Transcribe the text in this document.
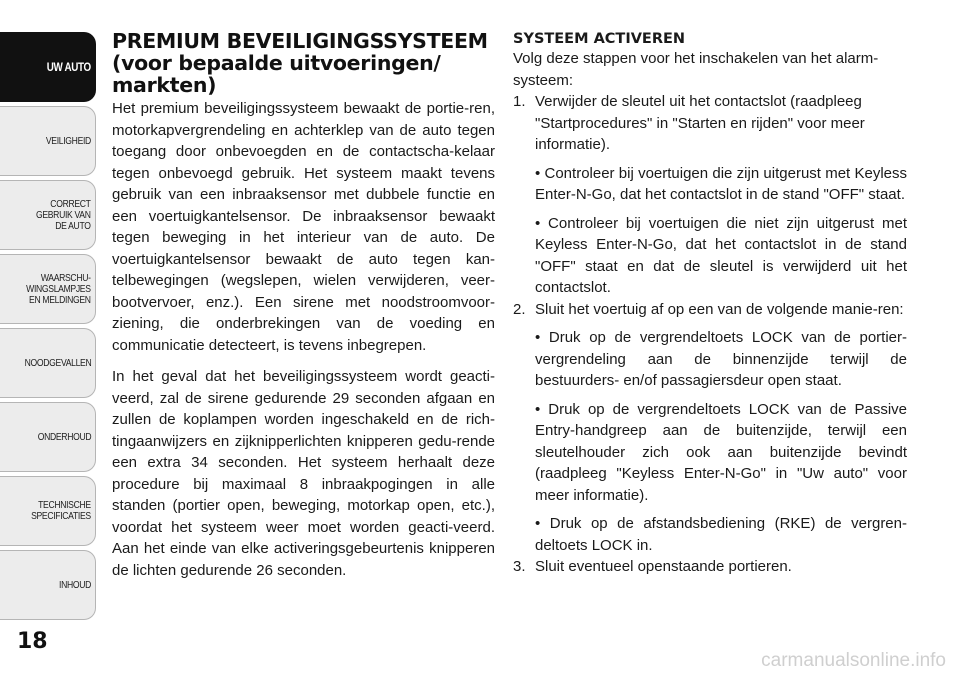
UW AUTO
VEILIGHEID
CORRECT
GEBRUIK VAN
DE AUTO
WAARSCHU-
WINGSLAMPJES
EN MELDINGEN
NOODGEVALLEN
ONDERHOUD
TECHNISCHE
SPECIFICATIES
INHOUD
18
PREMIUM BEVEILIGINGSSYSTEEM
(voor bepaalde uitvoeringen/
markten)

Het premium beveiligingssysteem bewaakt de portie-ren, motorkapvergrendeling en achterklep van de auto tegen toegang door onbevoegden en de contactscha-kelaar tegen onbevoegd gebruik. Het systeem maakt tevens gebruik van een inbraaksensor met dubbele functie en een voertuigkantelsensor. De inbraaksensor bewaakt tegen beweging in het interieur van de auto. De voertuigkantelsensor bewaakt de auto tegen kan-telbewegingen (wegslepen, wielen verwijderen, veer-bootvervoer, enz.). Een sirene met noodstroomvoor-ziening, die onderbrekingen van de voeding en communicatie detecteert, is tevens inbegrepen.

In het geval dat het beveiligingssysteem wordt geacti-veerd, zal de sirene gedurende 29 seconden afgaan en zullen de koplampen worden ingeschakeld en de rich-tingaanwijzers en zijknipperlichten knipperen gedu-rende een extra 34 seconden. Het systeem herhaalt deze procedure bij maximaal 8 inbraakpogingen in alle standen (portier open, beweging, motorkap open, etc.), voordat het systeem weer moet worden geacti-veerd. Aan het einde van elke activeringsgebeurtenis knipperen de lichten gedurende 26 seconden.

SYSTEEM ACTIVEREN

Volg deze stappen voor het inschakelen van het alarm-systeem:

1. Verwijder de sleutel uit het contactslot (raadpleeg "Startprocedures" in "Starten en rijden" voor meer informatie).
• Controleer bij voertuigen die zijn uitgerust met Keyless Enter-N-Go, dat het contactslot in de stand "OFF" staat.
• Controleer bij voertuigen die niet zijn uitgerust met Keyless Enter-N-Go, dat het contactslot in de stand "OFF" staat en dat de sleutel is verwijderd uit het contactslot.
2. Sluit het voertuig af op een van de volgende manie-ren:
• Druk op de vergrendeltoets LOCK van de portier-vergrendeling aan de binnenzijde terwijl de bestuurders- en/of passagiersdeur open staat.
• Druk op de vergrendeltoets LOCK van de Passive Entry-handgreep aan de buitenzijde, terwijl een sleutelhouder zich ook aan buitenzijde bevindt (raadpleeg "Keyless Enter-N-Go" in "Uw auto" voor meer informatie).
• Druk op de afstandsbediening (RKE) de vergren-deltoets LOCK in.
3. Sluit eventueel openstaande portieren.
carmanualsonline.info
